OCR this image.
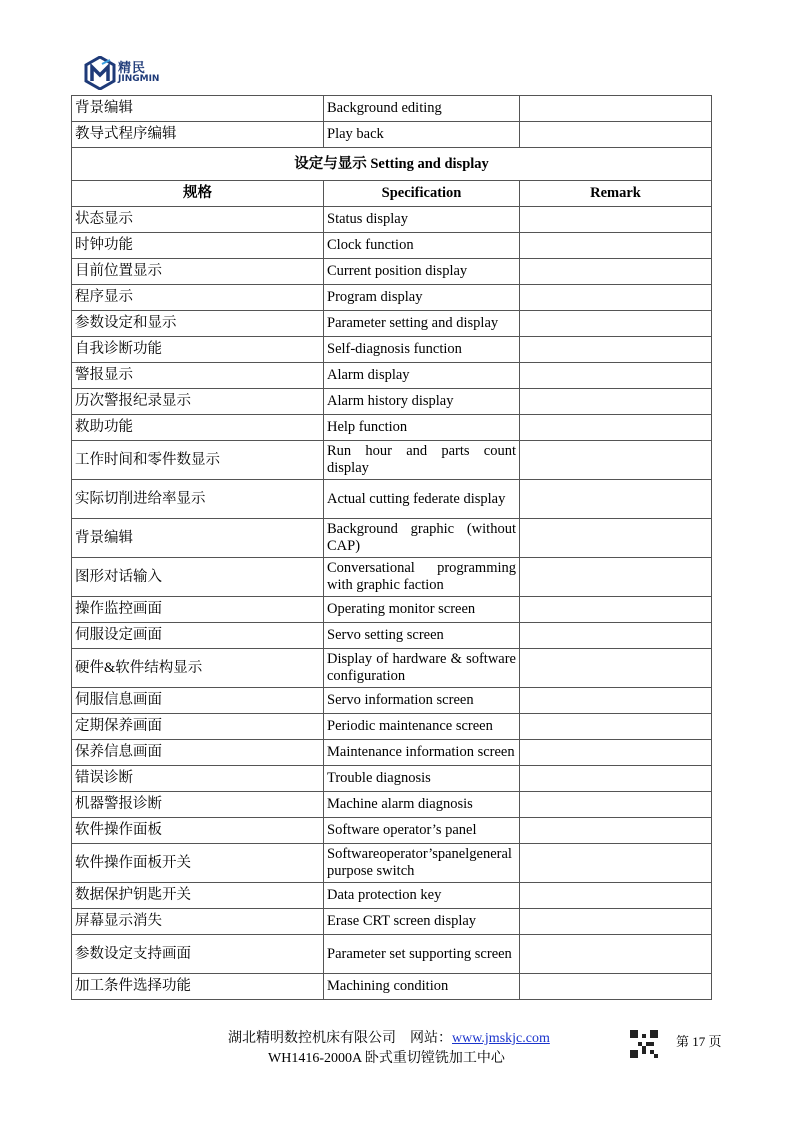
精民
JINGMIN
背景编辑	Background editing	
教导式程序编辑	Play back	
设定与显示 Setting and display		
规格	Specification	Remark
状态显示	Status display	
时钟功能	Clock function	
目前位置显示	Current position display	
程序显示	Program display	
参数设定和显示	Parameter setting and display	
自我诊断功能	Self-diagnosis function	
警报显示	Alarm display	
历次警报纪录显示	Alarm history display	
救助功能	Help function	
工作时间和零件数显示	Run hour and parts count display	
实际切削进给率显示	Actual cutting federate display	
背景编辑	Background graphic (without CAP)	
图形对话输入	Conversational programming with graphic faction	
操作监控画面	Operating monitor screen	
伺服设定画面	Servo setting screen	
硬件&软件结构显示	Display of hardware & software configuration	
伺服信息画面	Servo information screen	
定期保养画面	Periodic maintenance screen	
保养信息画面	Maintenance information screen	
错误诊断	Trouble diagnosis	
机器警报诊断	Machine alarm diagnosis	
软件操作面板	Software operator’s panel	
软件操作面板开关	Softwareoperator’spanelgeneral purpose switch	
数据保护钥匙开关	Data protection key	
屏幕显示消失	Erase CRT screen display	
参数设定支持画面	Parameter set supporting screen	
加工条件选择功能	Machining condition	
湖北精明数控机床有限公司 网站：www.jmskjc.com
WH1416-2000A 卧式重切镗铣加工中心
第 17 页
